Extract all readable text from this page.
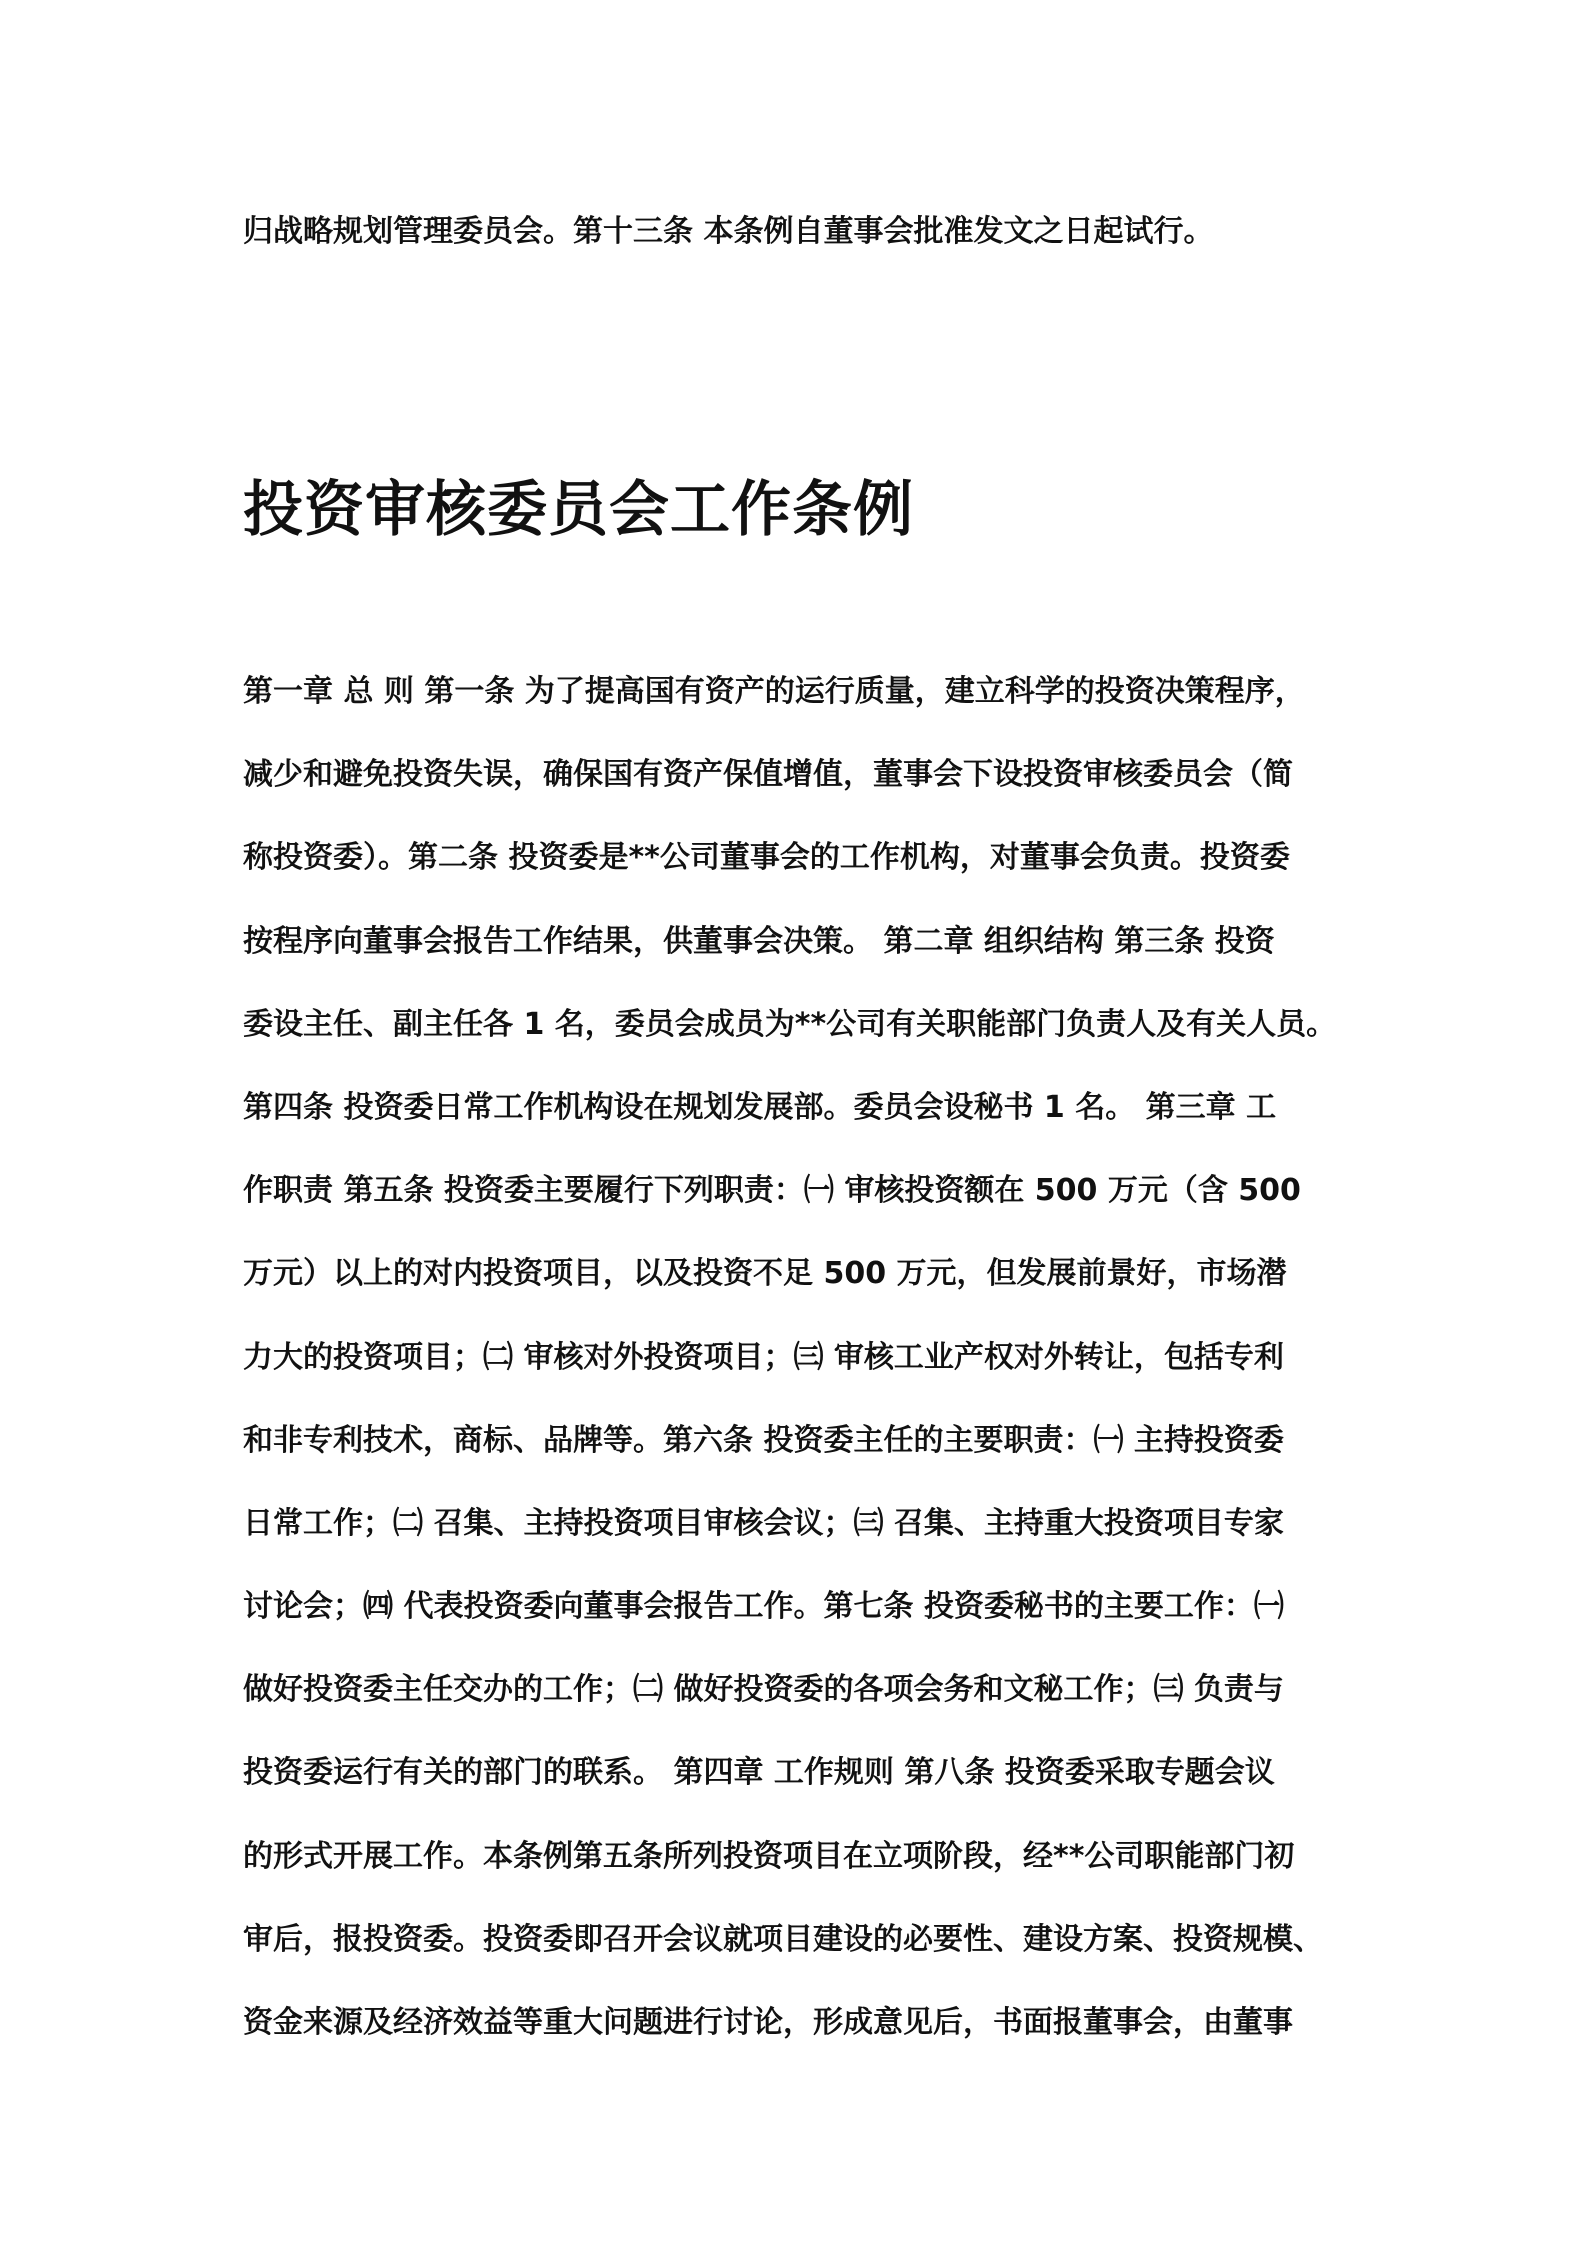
归战略规划管理委员会。第十三条 本条例自董事会批准发文之日起试行。

投资审核委员会工作条例
第一章 总 则 第一条 为了提高国有资产的运行质量，建立科学的投资决策程序，
减少和避免投资失误，确保国有资产保值增值，董事会下设投资审核委员会（简
称投资委）。第二条 投资委是**公司董事会的工作机构，对董事会负责。投资委
按程序向董事会报告工作结果，供董事会决策。 第二章 组织结构 第三条 投资
委设主任、副主任各 1 名，委员会成员为**公司有关职能部门负责人及有关人员。
第四条 投资委日常工作机构设在规划发展部。委员会设秘书 1 名。 第三章 工
作职责 第五条 投资委主要履行下列职责：㈠ 审核投资额在 500 万元（含 500
万元）以上的对内投资项目，以及投资不足 500 万元，但发展前景好，市场潜
力大的投资项目；㈡ 审核对外投资项目；㈢ 审核工业产权对外转让，包括专利
和非专利技术，商标、品牌等。第六条 投资委主任的主要职责：㈠ 主持投资委
日常工作；㈡ 召集、主持投资项目审核会议；㈢ 召集、主持重大投资项目专家
讨论会；㈣ 代表投资委向董事会报告工作。第七条 投资委秘书的主要工作：㈠
做好投资委主任交办的工作；㈡ 做好投资委的各项会务和文秘工作；㈢ 负责与
投资委运行有关的部门的联系。 第四章 工作规则 第八条 投资委采取专题会议
的形式开展工作。本条例第五条所列投资项目在立项阶段，经**公司职能部门初
审后，报投资委。投资委即召开会议就项目建设的必要性、建设方案、投资规模、
资金来源及经济效益等重大问题进行讨论，形成意见后，书面报董事会，由董事
